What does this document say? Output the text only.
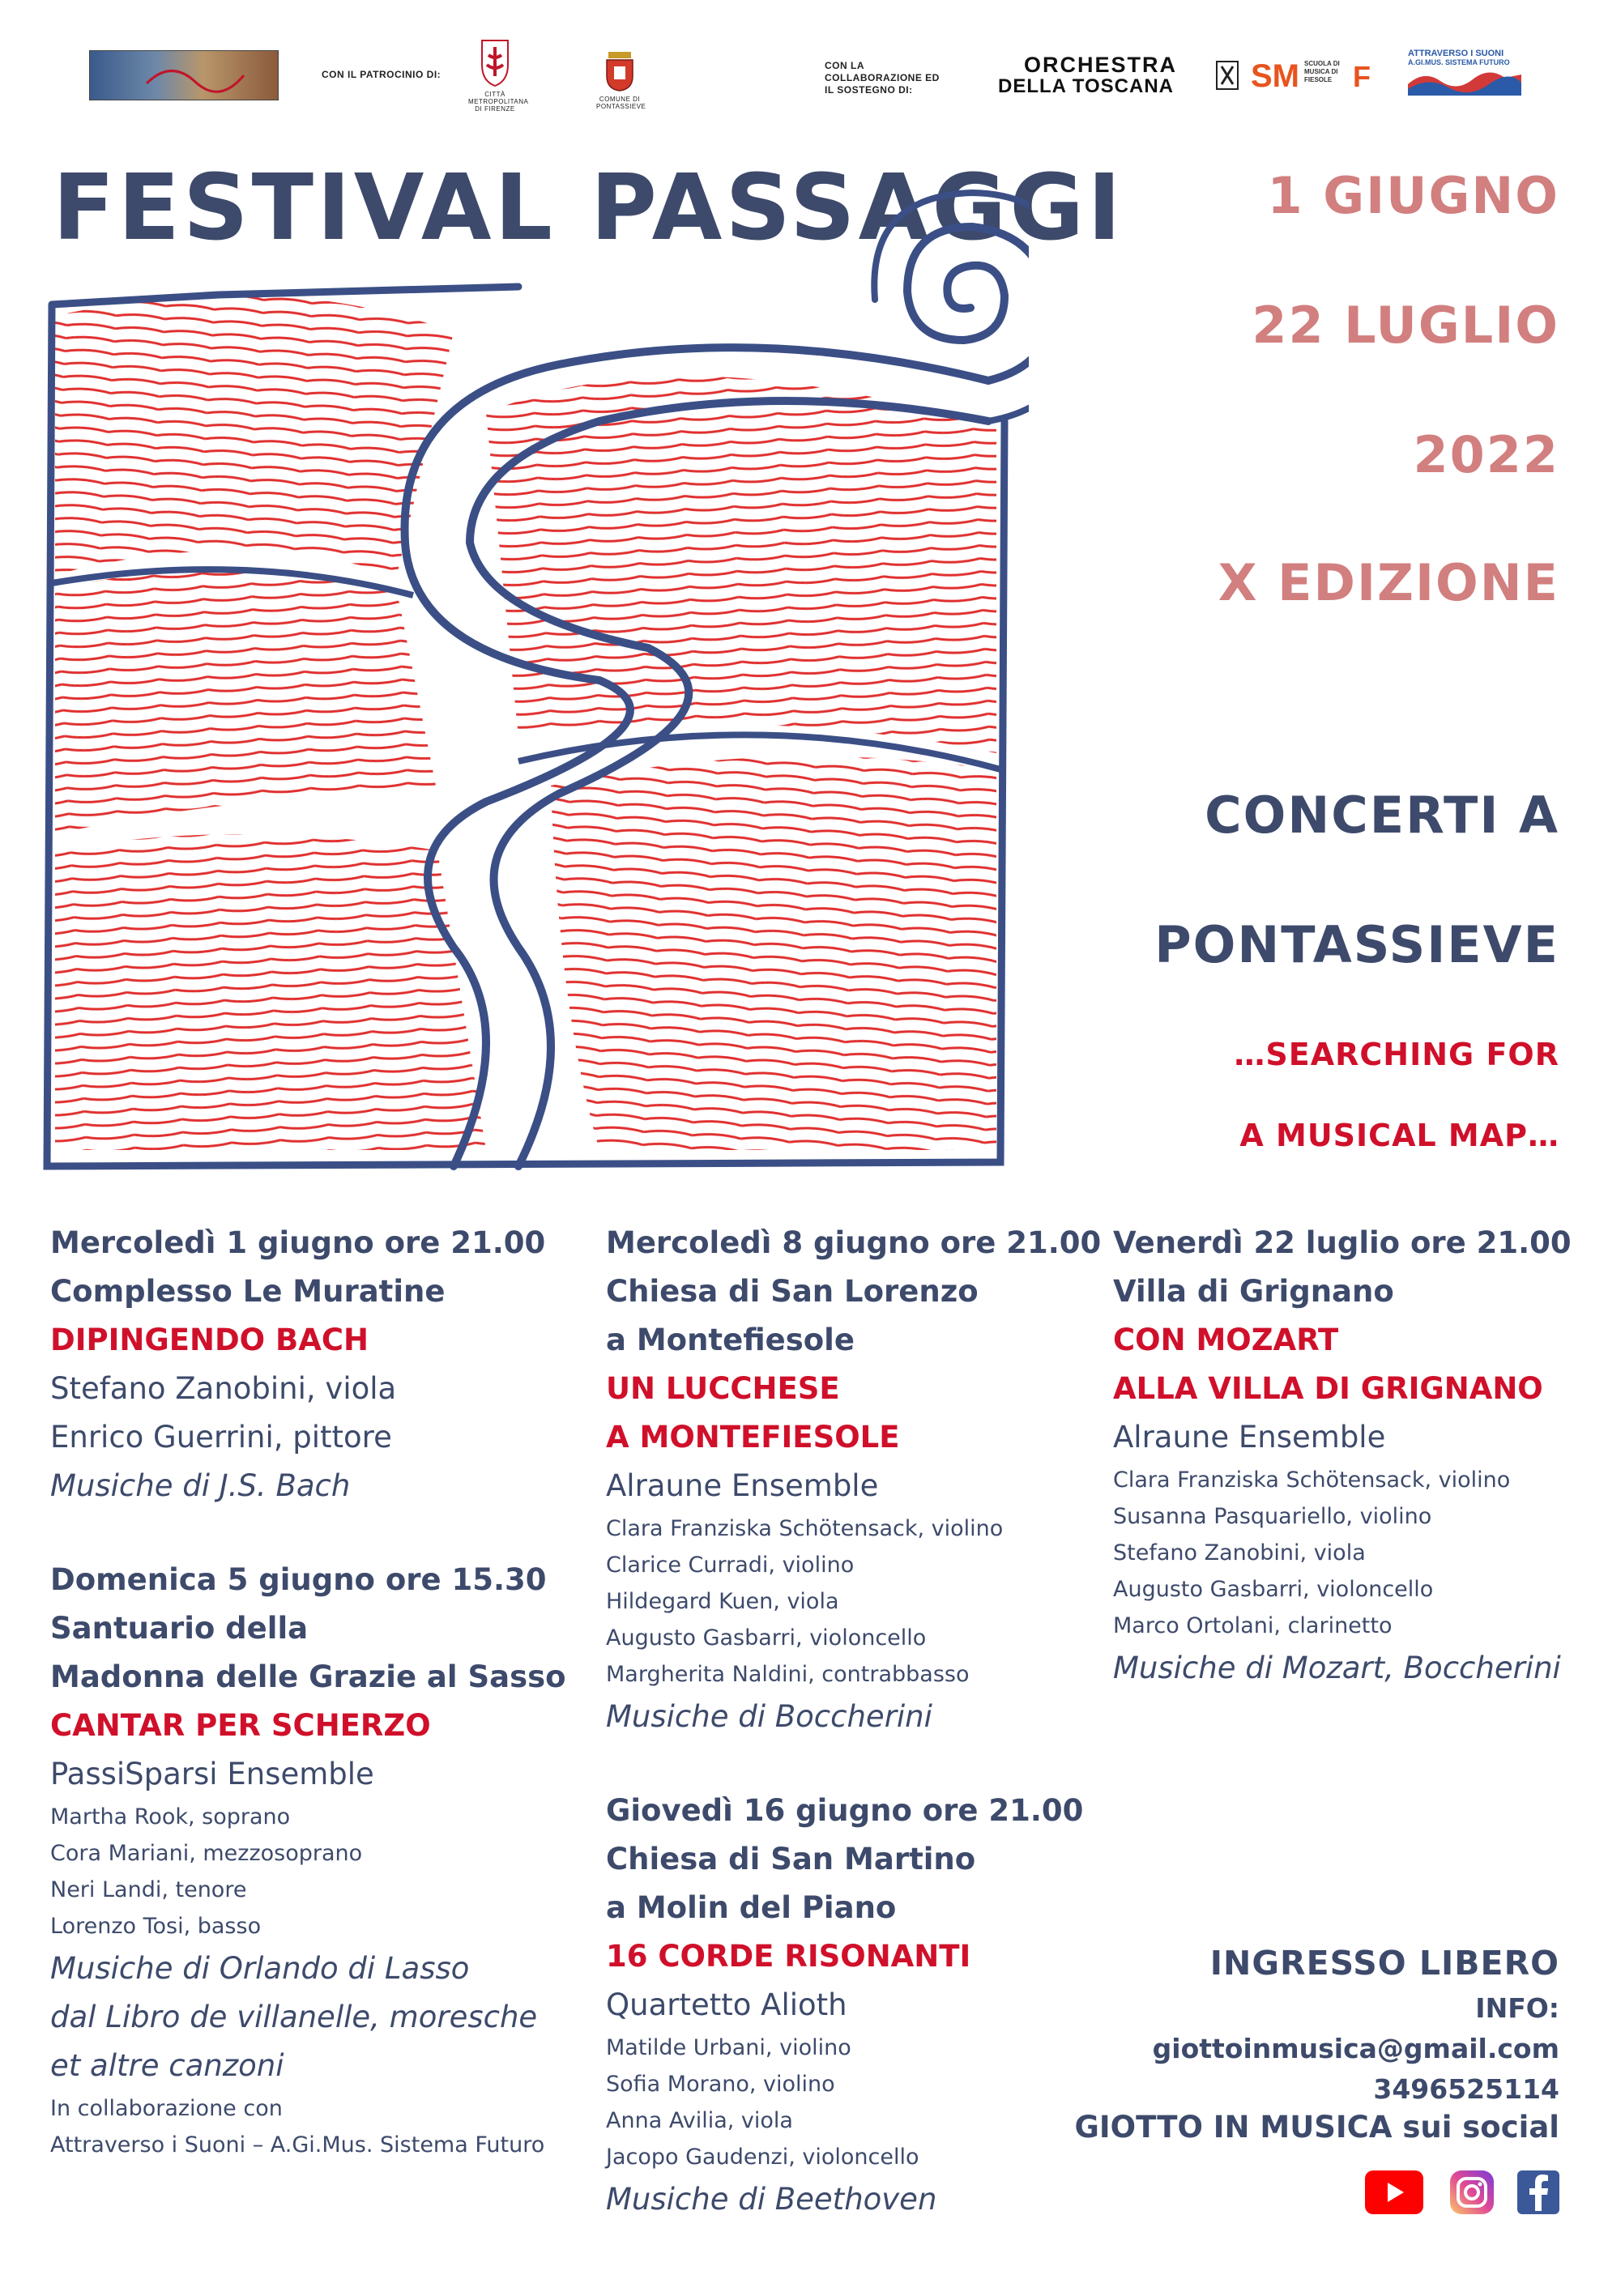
CON IL PATROCINIO DI:
CITTÀ METROPOLITANA DI FIRENZE
COMUNE DI PONTASSIEVE
CON LA COLLABORAZIONE ED IL SOSTEGNO DI:
ORCHESTRA
DELLA TOSCANA	SM SCUOLA DI MUSICA DI FIESOLE F
ATTRAVERSO I SUONI
A.GI.MUS. SISTEMA FUTURO
FESTIVAL PASSAGGI	1 GIUGNO
22 LUGLIO
2022
X EDIZIONE
CONCERTI A
PONTASSIEVE
…SEARCHING FOR
A MUSICAL MAP…
Mercoledì 1 giugno ore 21.00
Complesso Le Muratine
DIPINGENDO BACH
Stefano Zanobini, viola
Enrico Guerrini, pittore
Musiche di J.S. Bach
Domenica 5 giugno ore 15.30
Santuario della
Madonna delle Grazie al Sasso
CANTAR PER SCHERZO
PassiSparsi Ensemble
Martha Rook, soprano
Cora Mariani, mezzosoprano
Neri Landi, tenore
Lorenzo Tosi, basso
Musiche di Orlando di Lasso
dal Libro de villanelle, moresche
et altre canzoni
In collaborazione con
Attraverso i Suoni – A.Gi.Mus. Sistema Futuro
Mercoledì 8 giugno ore 21.00
Chiesa di San Lorenzo
a Montefiesole
UN LUCCHESE
A MONTEFIESOLE
Alraune Ensemble
Clara Franziska Schötensack, violino
Clarice Curradi, violino
Hildegard Kuen, viola
Augusto Gasbarri, violoncello
Margherita Naldini, contrabbasso
Musiche di Boccherini
Giovedì 16 giugno ore 21.00
Chiesa di San Martino
a Molin del Piano
16 CORDE RISONANTI
Quartetto Alioth
Matilde Urbani, violino
Sofia Morano, violino
Anna Avilia, viola
Jacopo Gaudenzi, violoncello
Musiche di Beethoven
Venerdì 22 luglio ore 21.00
Villa di Grignano
CON MOZART
ALLA VILLA DI GRIGNANO
Alraune Ensemble
Clara Franziska Schötensack, violino
Susanna Pasquariello, violino
Stefano Zanobini, viola
Augusto Gasbarri, violoncello
Marco Ortolani, clarinetto
Musiche di Mozart, Boccherini
INGRESSO LIBERO
INFO:
giottoinmusica@gmail.com
3496525114
GIOTTO IN MUSICA sui social
